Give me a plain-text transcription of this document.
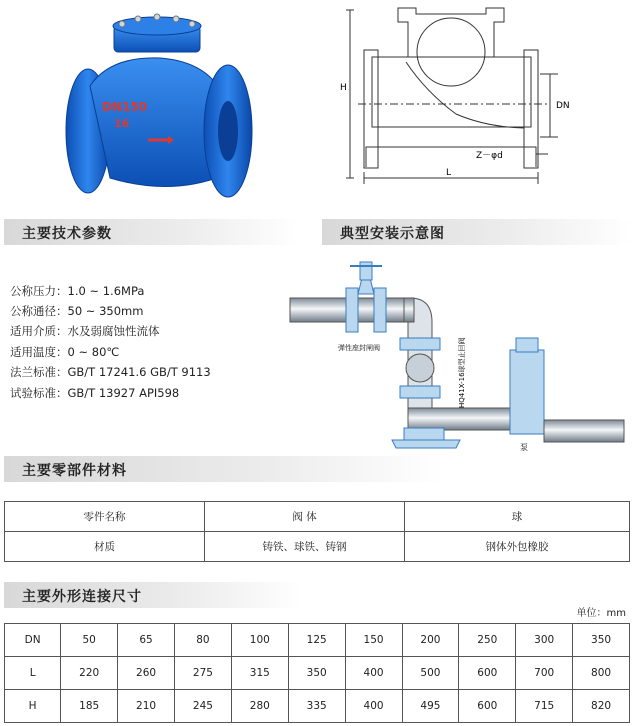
DN150
16
H
DN
L
Z－φd
主要技术参数	典型安装示意图
公称压力：1.0 ~ 1.6MPa
公称通径：50 ~ 350mm
适用介质：水及弱腐蚀性流体
适用温度：0 ~ 80℃
法兰标准：GB/T 17241.6 GB/T 9113
试验标准：GB/T 13927 API598
弹性座封闸阀	HQ41X-16球型止回阀
泵
主要零部件材料
零件名称	阀 体	球
材质	铸铁、球铁、铸钢	钢体外包橡胶
主要外形连接尺寸
单位：mm
DN	50	65	80	100	125	150	200	250	300	350
L	220	260	275	315	350	400	500	600	700	800
H	185	210	245	280	335	400	495	600	715	820
